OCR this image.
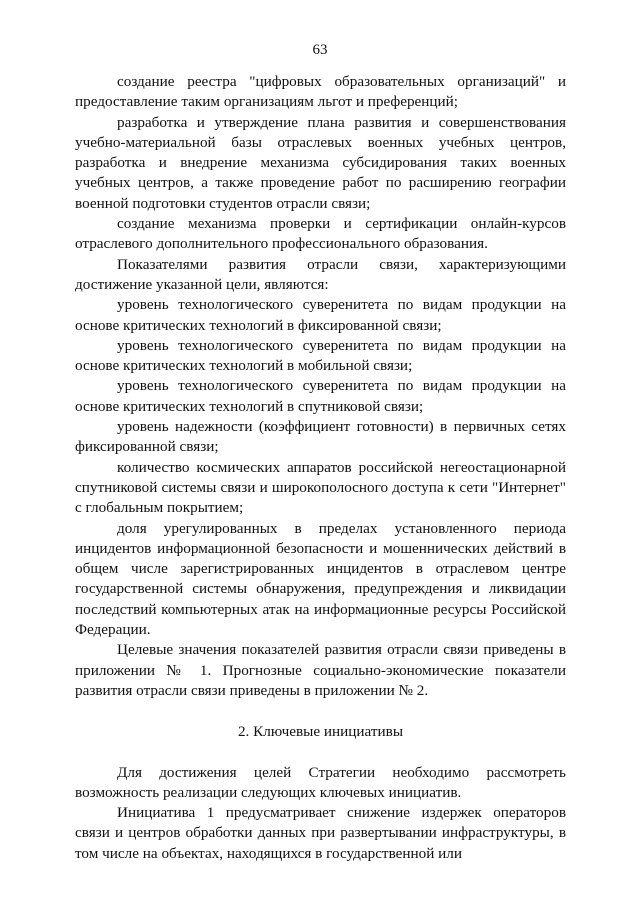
63

создание реестра "цифровых образовательных организаций" и предоставление таким организациям льгот и преференций;

разработка и утверждение плана развития и совершенствования учебно-материальной базы отраслевых военных учебных центров, разработка и внедрение механизма субсидирования таких военных учебных центров, а также проведение работ по расширению географии военной подготовки студентов отрасли связи;

создание механизма проверки и сертификации онлайн-курсов отраслевого дополнительного профессионального образования.

Показателями развития отрасли связи, характеризующими достижение указанной цели, являются:

уровень технологического суверенитета по видам продукции на основе критических технологий в фиксированной связи;

уровень технологического суверенитета по видам продукции на основе критических технологий в мобильной связи;

уровень технологического суверенитета по видам продукции на основе критических технологий в спутниковой связи;

уровень надежности (коэффициент готовности) в первичных сетях фиксированной связи;

количество космических аппаратов российской негеостационарной спутниковой системы связи и широкополосного доступа к сети "Интернет" с глобальным покрытием;

доля урегулированных в пределах установленного периода инцидентов информационной безопасности и мошеннических действий в общем числе зарегистрированных инцидентов в отраслевом центре государственной системы обнаружения, предупреждения и ликвидации последствий компьютерных атак на информационные ресурсы Российской Федерации.

Целевые значения показателей развития отрасли связи приведены в приложении № 1. Прогнозные социально-экономические показатели развития отрасли связи приведены в приложении № 2.

2. Ключевые инициативы

Для достижения целей Стратегии необходимо рассмотреть возможность реализации следующих ключевых инициатив.

Инициатива 1 предусматривает снижение издержек операторов связи и центров обработки данных при развертывании инфраструктуры, в том числе на объектах, находящихся в государственной или
